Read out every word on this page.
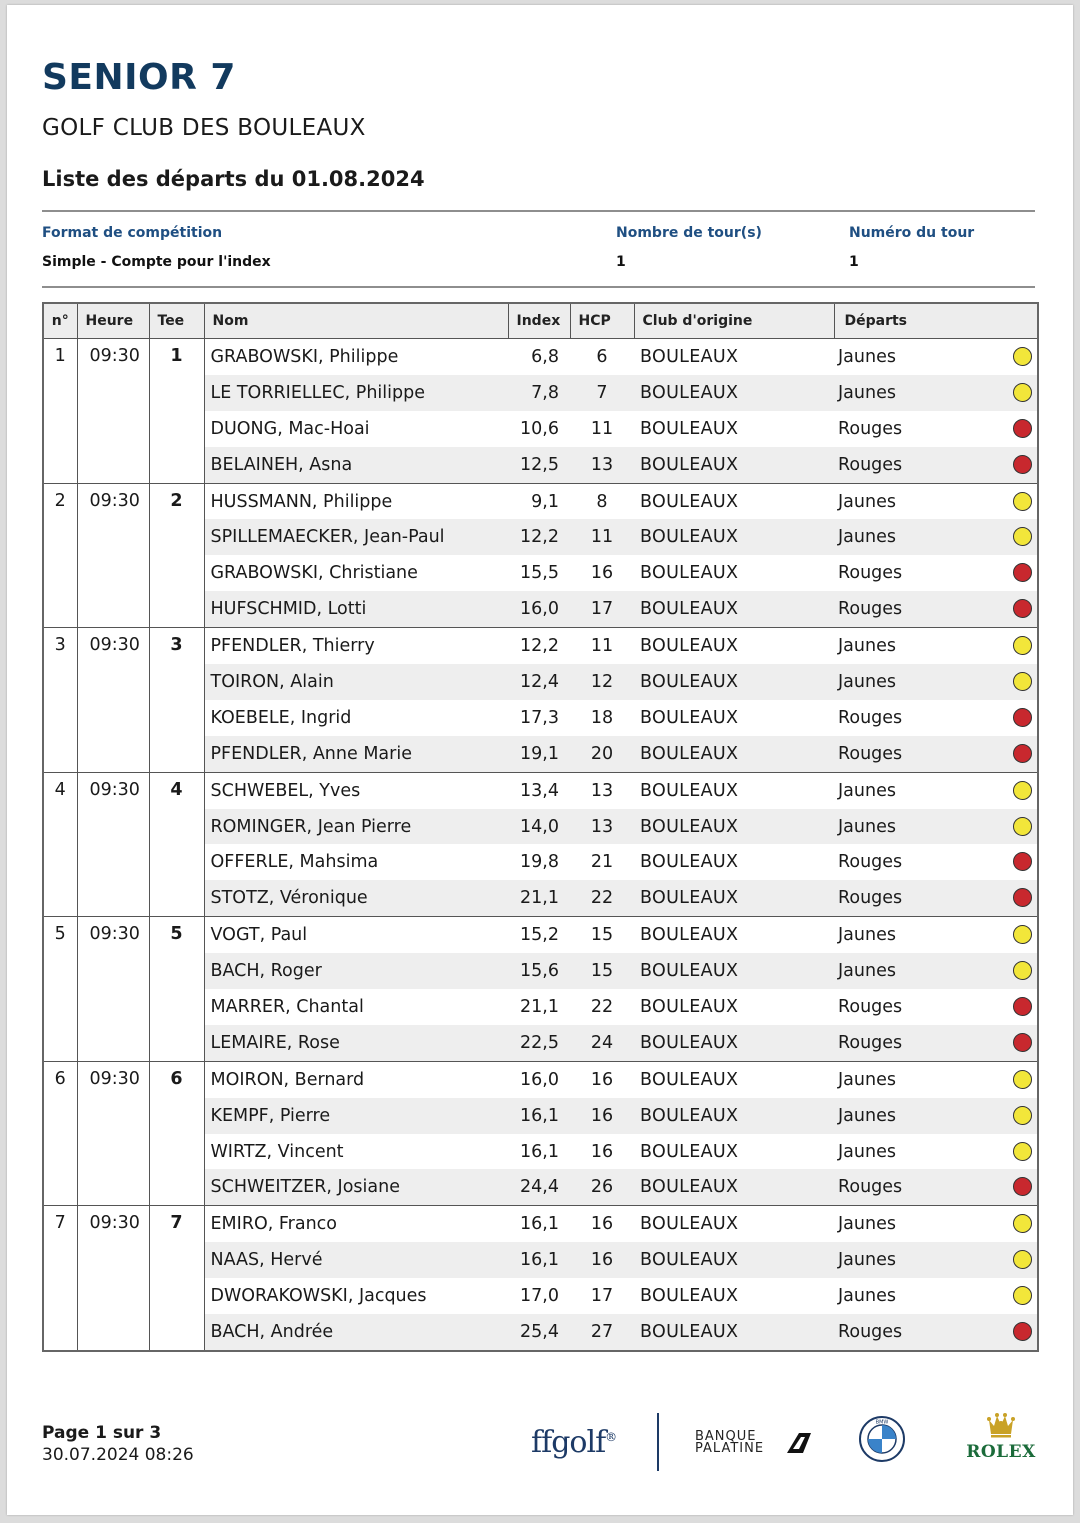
SENIOR 7
GOLF CLUB DES BOULEAUX
Liste des départs du 01.08.2024
Format de compétition
Simple - Compte pour l'index
Nombre de tour(s)
1
Numéro du tour
1
n°	Heure	Tee	Nom	Index	HCP	Club d'origine	Départs
1	09:30	1	GRABOWSKI, Philippe	6,8	6	BOULEAUX	Jaunes

			LE TORRIELLEC, Philippe	7,8	7	BOULEAUX	Jaunes

			DUONG, Mac-Hoai	10,6	11	BOULEAUX	Rouges

			BELAINEH, Asna	12,5	13	BOULEAUX	Rouges

2	09:30	2	HUSSMANN, Philippe	9,1	8	BOULEAUX	Jaunes

			SPILLEMAECKER, Jean-Paul	12,2	11	BOULEAUX	Jaunes

			GRABOWSKI, Christiane	15,5	16	BOULEAUX	Rouges

			HUFSCHMID, Lotti	16,0	17	BOULEAUX	Rouges

3	09:30	3	PFENDLER, Thierry	12,2	11	BOULEAUX	Jaunes

			TOIRON, Alain	12,4	12	BOULEAUX	Jaunes

			KOEBELE, Ingrid	17,3	18	BOULEAUX	Rouges

			PFENDLER, Anne Marie	19,1	20	BOULEAUX	Rouges

4	09:30	4	SCHWEBEL, Yves	13,4	13	BOULEAUX	Jaunes

			ROMINGER, Jean Pierre	14,0	13	BOULEAUX	Jaunes

			OFFERLE, Mahsima	19,8	21	BOULEAUX	Rouges

			STOTZ, Véronique	21,1	22	BOULEAUX	Rouges

5	09:30	5	VOGT, Paul	15,2	15	BOULEAUX	Jaunes

			BACH, Roger	15,6	15	BOULEAUX	Jaunes

			MARRER, Chantal	21,1	22	BOULEAUX	Rouges

			LEMAIRE, Rose	22,5	24	BOULEAUX	Rouges

6	09:30	6	MOIRON, Bernard	16,0	16	BOULEAUX	Jaunes

			KEMPF, Pierre	16,1	16	BOULEAUX	Jaunes

			WIRTZ, Vincent	16,1	16	BOULEAUX	Jaunes

			SCHWEITZER, Josiane	24,4	26	BOULEAUX	Rouges

7	09:30	7	EMIRO, Franco	16,1	16	BOULEAUX	Jaunes

			NAAS, Hervé	16,1	16	BOULEAUX	Jaunes

			DWORAKOWSKI, Jacques	17,0	17	BOULEAUX	Jaunes

			BACH, Andrée	25,4	27	BOULEAUX	Rouges
Page 1 sur 3
30.07.2024 08:26	ffgolf®	BANQUE
PALATINE
BMW
ROLEX
